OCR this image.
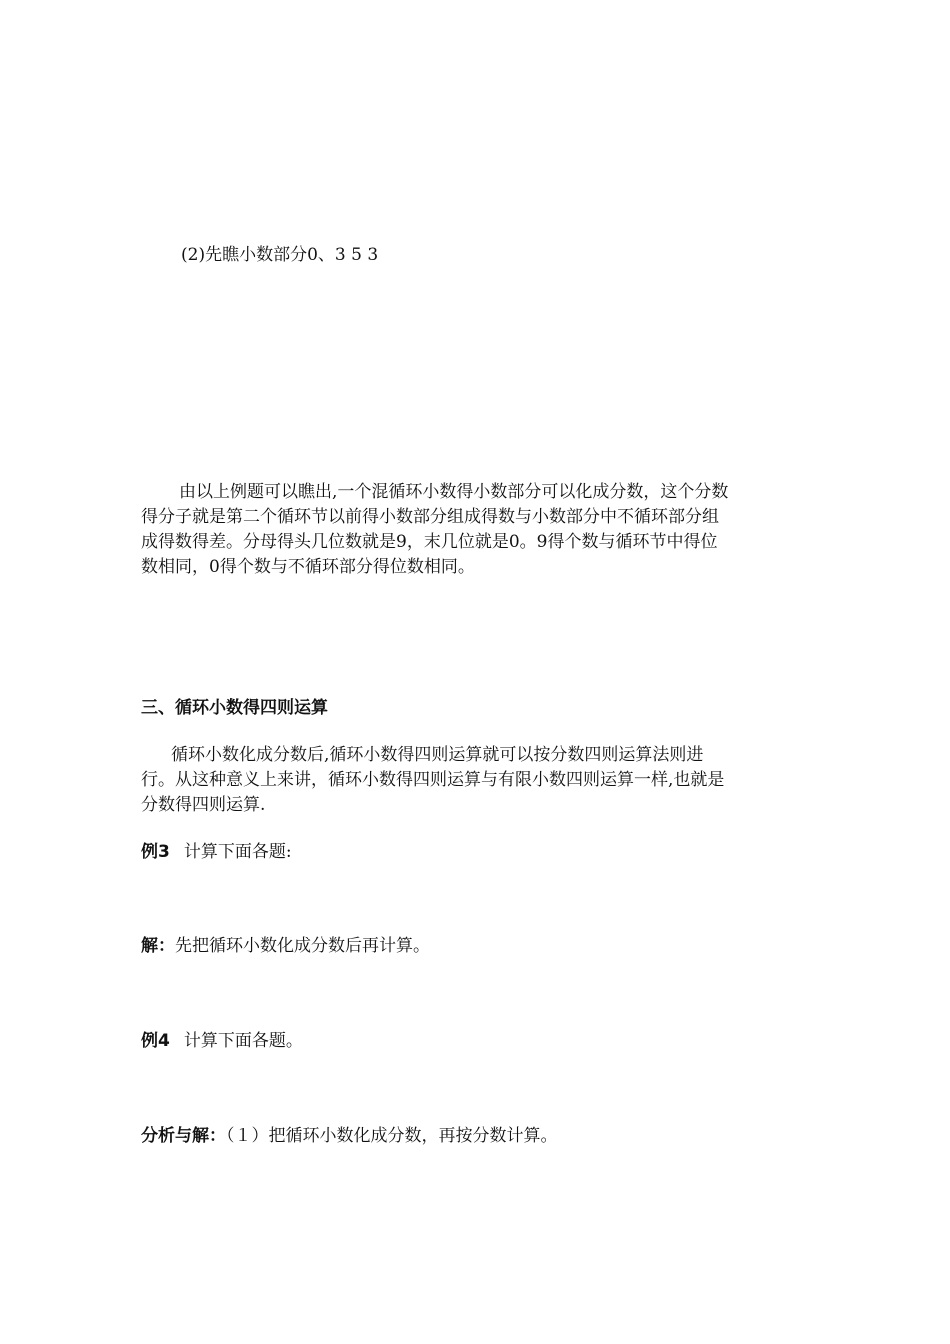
(2)先瞧小数部分0、3 5 3
由以上例题可以瞧出,一个混循环小数得小数部分可以化成分数，这个分数
得分子就是第二个循环节以前得小数部分组成得数与小数部分中不循环部分组
成得数得差。分母得头几位数就是9，末几位就是0。9得个数与循环节中得位
数相同，0得个数与不循环部分得位数相同。
三、循环小数得四则运算
循环小数化成分数后,循环小数得四则运算就可以按分数四则运算法则进
行。从这种意义上来讲，循环小数得四则运算与有限小数四则运算一样,也就是
分数得四则运算.
例3 计算下面各题:
解：先把循环小数化成分数后再计算。
例4 计算下面各题。
分析与解：（１）把循环小数化成分数，再按分数计算。
